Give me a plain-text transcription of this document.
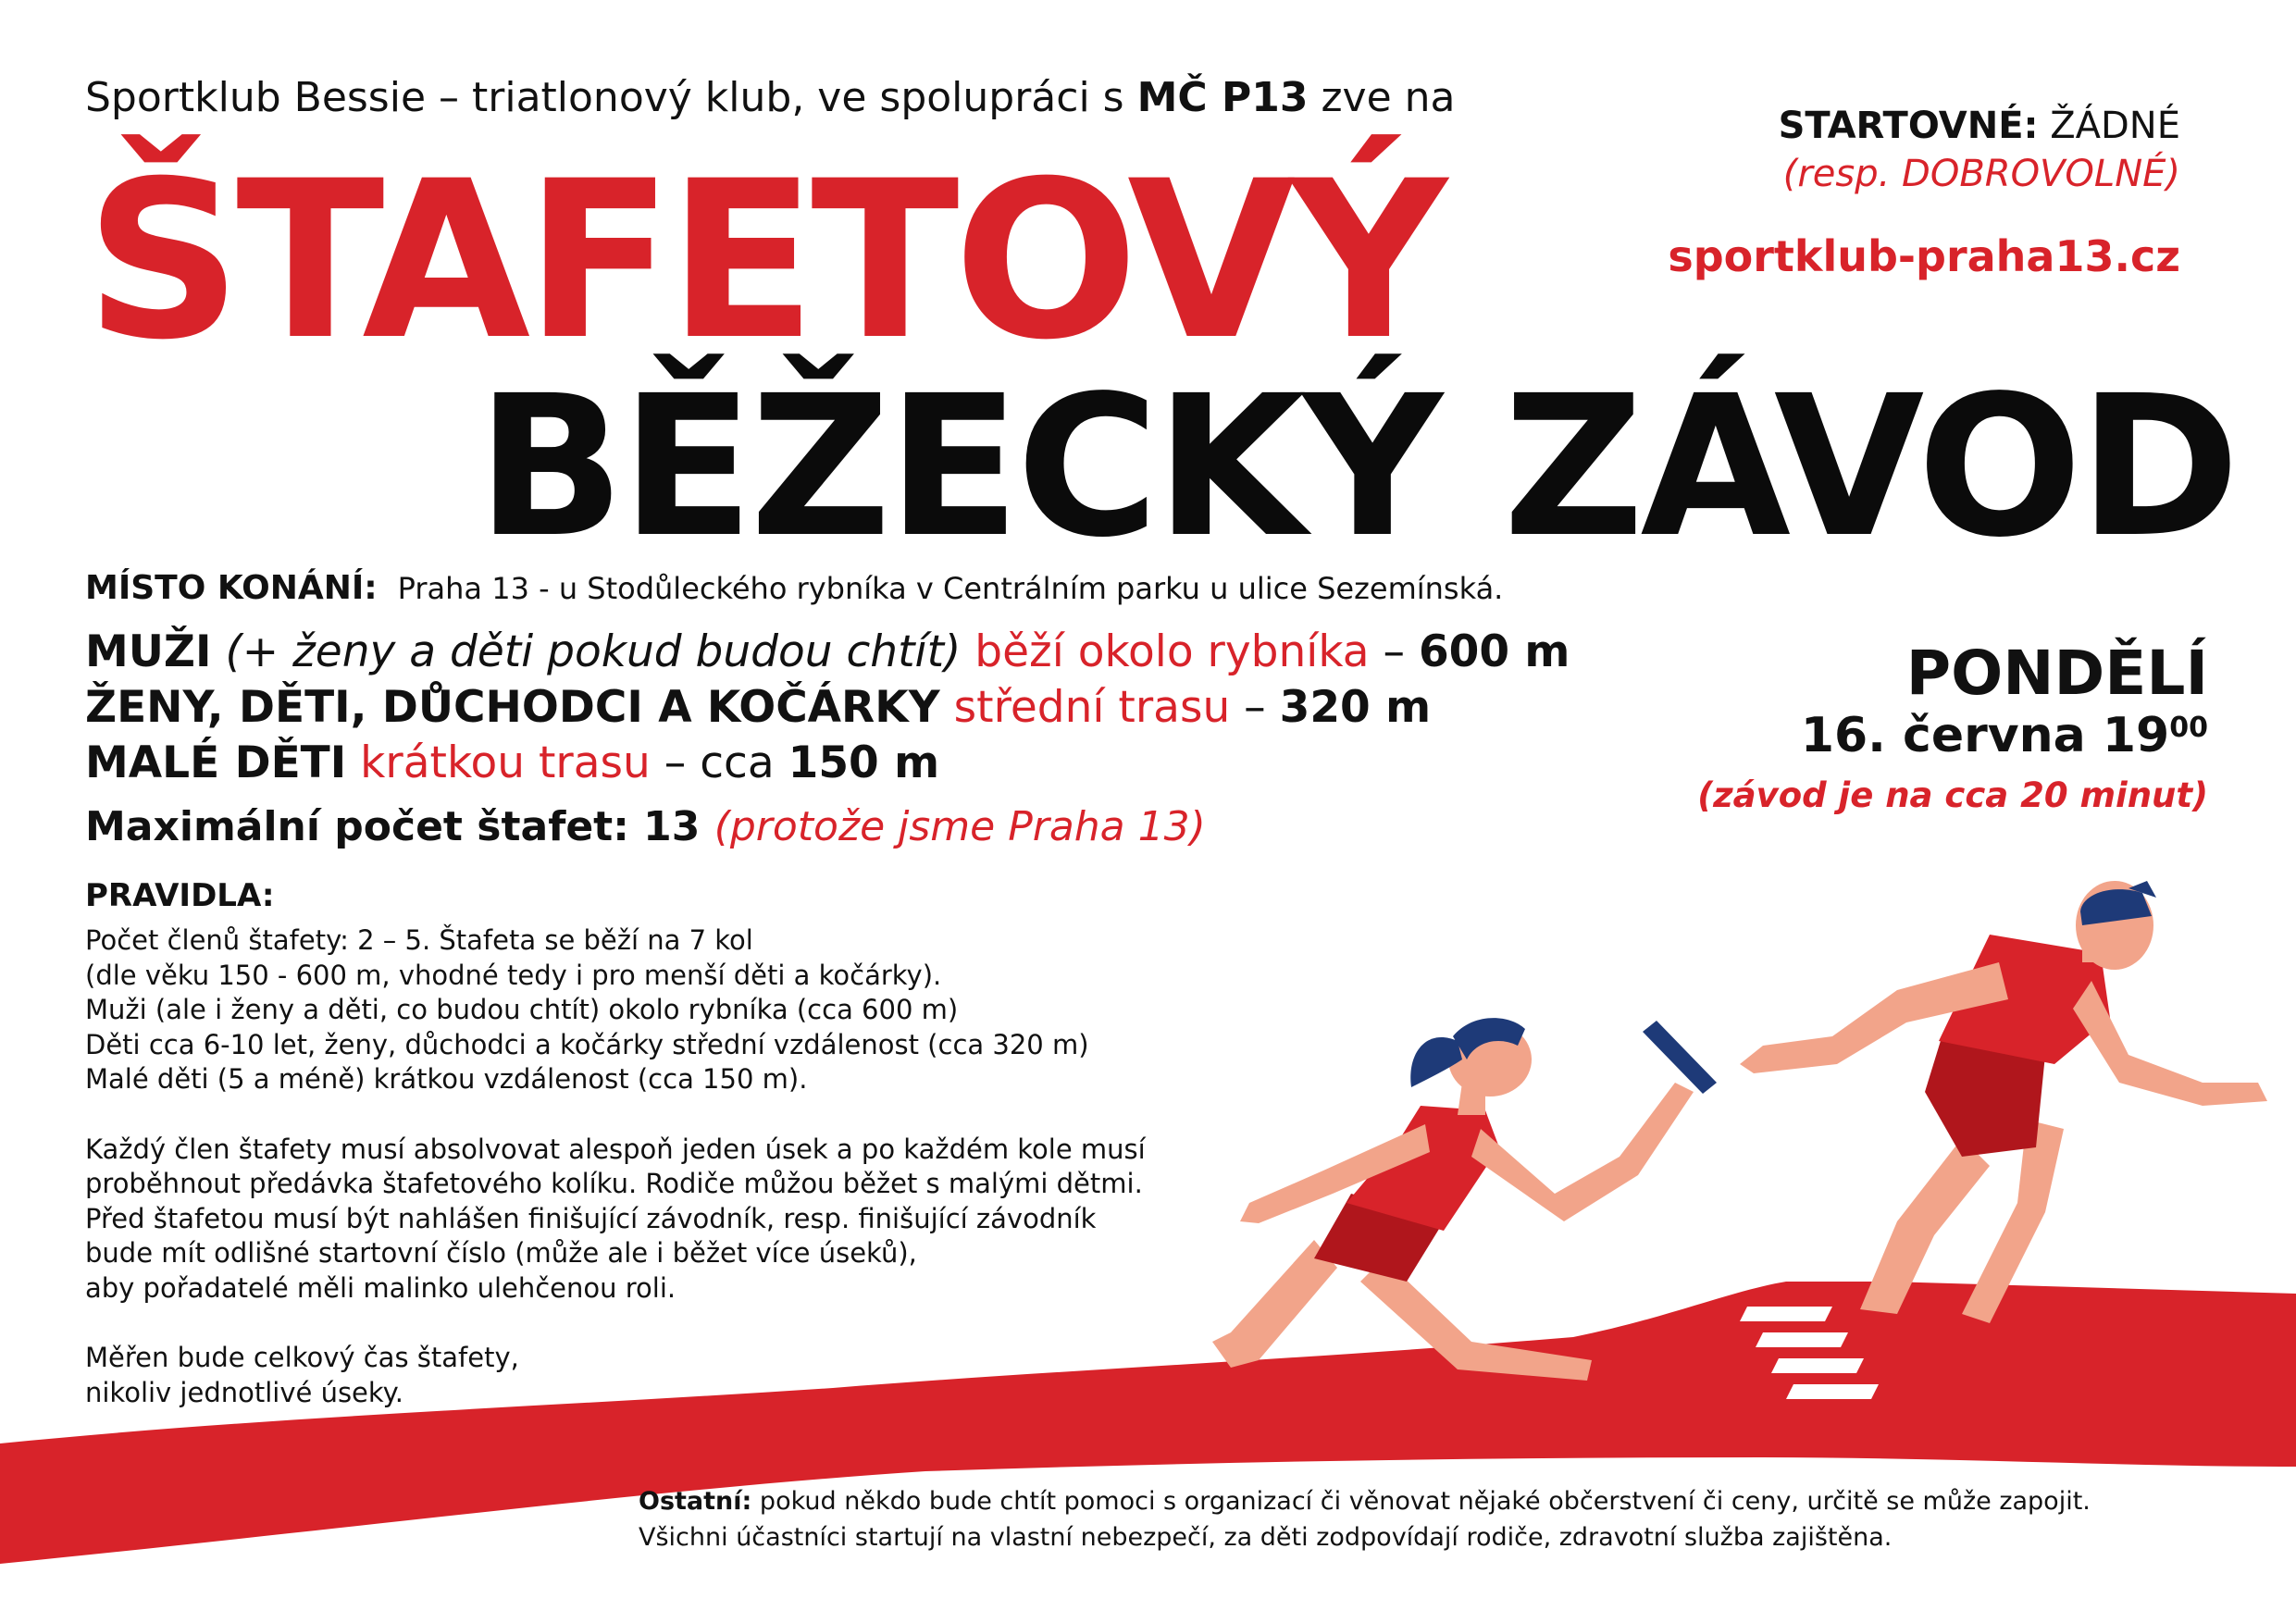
Sportklub Bessie – triatlonový klub, ve spolupráci s MČ P13 zve na
ŠTAFETOVÝ
BĚŽECKÝ ZÁVOD
STARTOVNÉ: ŽÁDNÉ
(resp. DOBROVOLNÉ)
sportklub-praha13.cz
MÍSTO KONÁNÍ: Praha 13 - u Stodůleckého rybníka v Centrálním parku u ulice Sezemínská.
MUŽI (+ ženy a děti pokud budou chtít) běží okolo rybníka – 600 m
ŽENY, DĚTI, DŮCHODCI A KOČÁRKY střední trasu – 320 m
MALÉ DĚTI krátkou trasu – cca 150 m
Maximální počet štafet: 13 (protože jsme Praha 13)
PONDĚLÍ
16. června $19^{00}$
(závod je na cca 20 minut)
PRAVIDLA:
Počet členů štafety: 2 – 5. Štafeta se běží na 7 kol
(dle věku 150 - 600 m, vhodné tedy i pro menší děti a kočárky).
Muži (ale i ženy a děti, co budou chtít) okolo rybníka (cca 600 m)
Děti cca 6-10 let, ženy, důchodci a kočárky střední vzdálenost (cca 320 m)
Malé děti (5 a méně) krátkou vzdálenost (cca 150 m).
Každý člen štafety musí absolvovat alespoň jeden úsek a po každém kole musí
proběhnout předávka štafetového kolíku. Rodiče můžou běžet s malými dětmi.
Před štafetou musí být nahlášen finišující závodník, resp. finišující závodník
bude mít odlišné startovní číslo (může ale i běžet více úseků),
aby pořadatelé měli malinko ulehčenou roli.
Měřen bude celkový čas štafety,
nikoliv jednotlivé úseky.
Ostatní: pokud někdo bude chtít pomoci s organizací či věnovat nějaké občerstvení či ceny, určitě se může zapojit.
Všichni účastníci startují na vlastní nebezpečí, za děti zodpovídají rodiče, zdravotní služba zajištěna.
